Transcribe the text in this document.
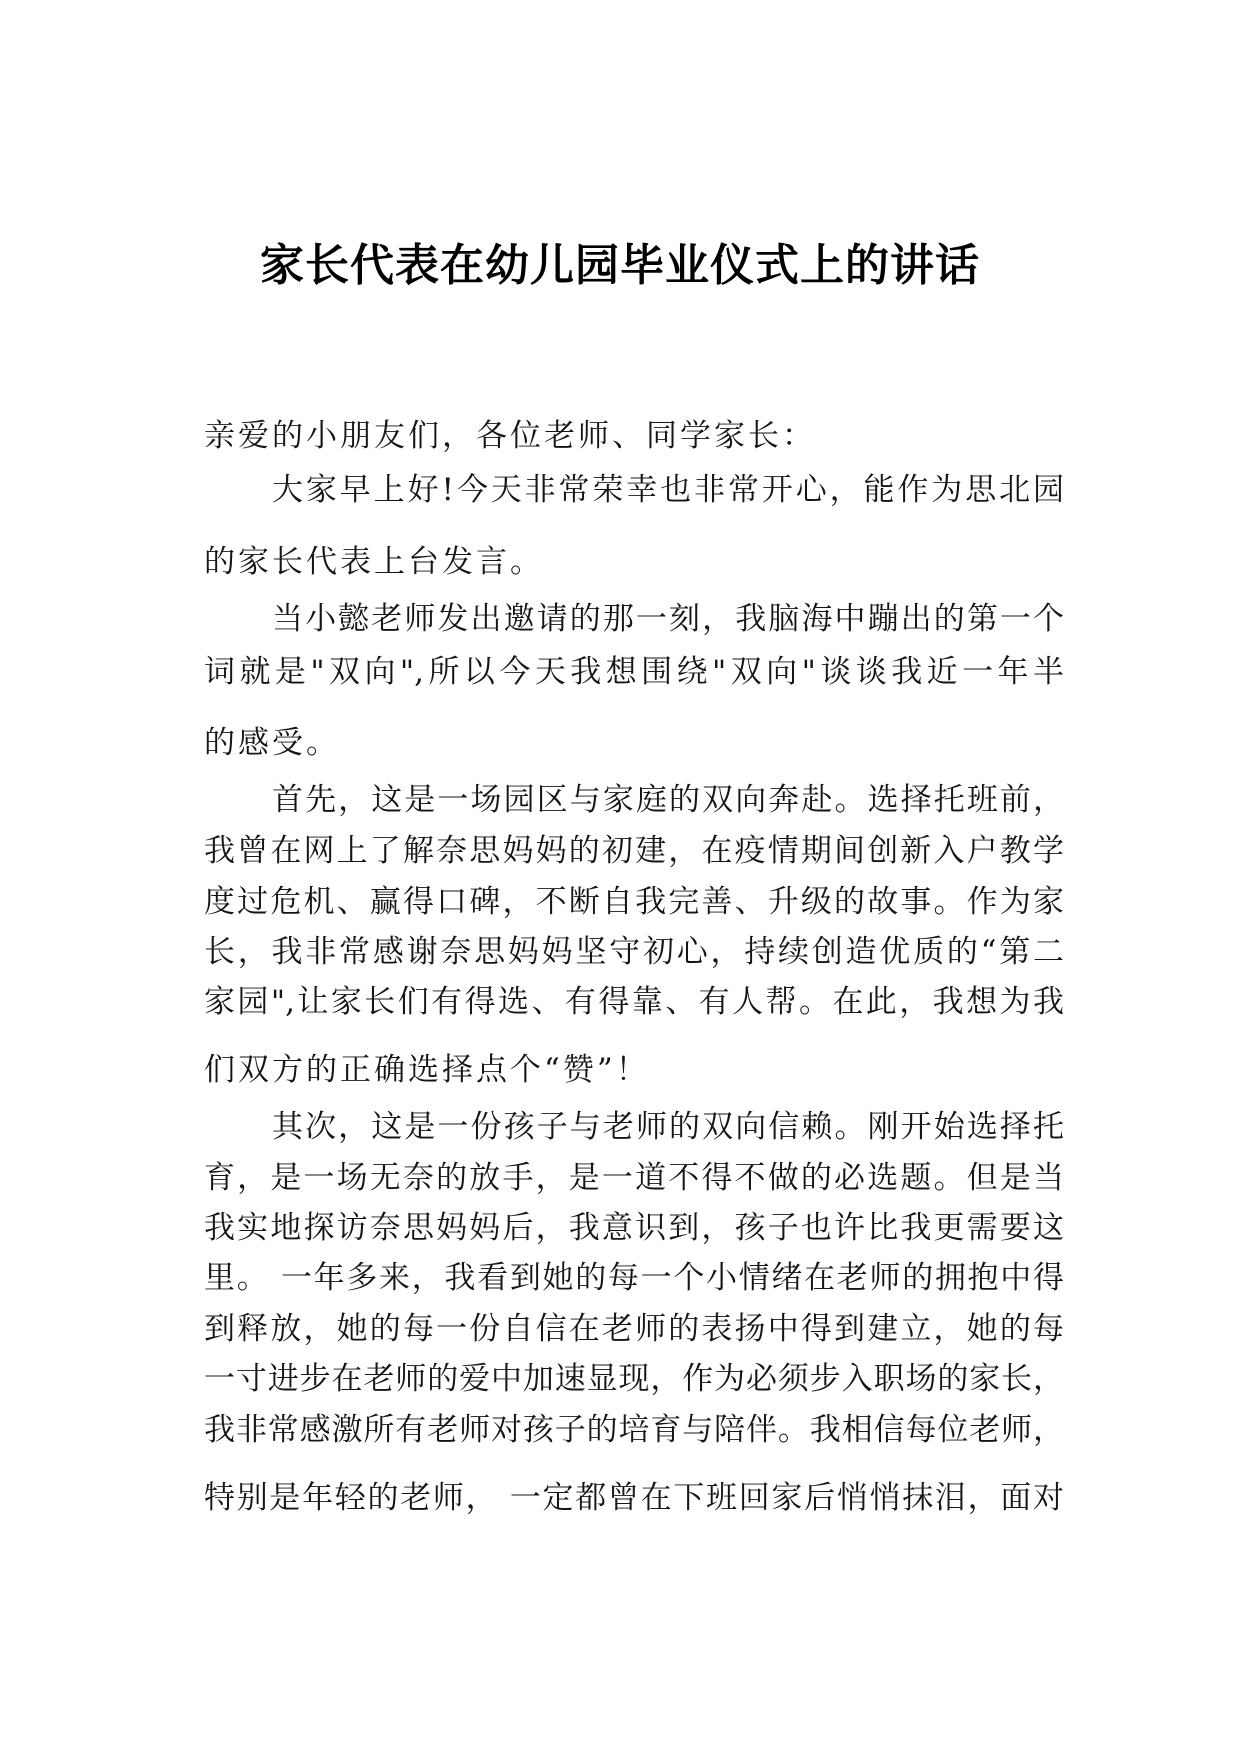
家长代表在幼儿园毕业仪式上的讲话
亲爱的小朋友们，各位老师、同学家长：
大家早上好!今天非常荣幸也非常开心，能作为思北园
的家长代表上台发言。
当小懿老师发出邀请的那一刻，我脑海中蹦出的第一个
词就是"双向",所以今天我想围绕"双向"谈谈我近一年半
的感受。
首先，这是一场园区与家庭的双向奔赴。选择托班前，
我曾在网上了解奈思妈妈的初建，在疫情期间创新入户教学
度过危机、赢得口碑，不断自我完善、升级的故事。作为家
长，我非常感谢奈思妈妈坚守初心，持续创造优质的“第二
家园",让家长们有得选、有得靠、有人帮。在此，我想为我
们双方的正确选择点个“赞”！
其次，这是一份孩子与老师的双向信赖。刚开始选择托
育，是一场无奈的放手，是一道不得不做的必选题。但是当
我实地探访奈思妈妈后，我意识到，孩子也许比我更需要这
里。 一年多来，我看到她的每一个小情绪在老师的拥抱中得
到释放，她的每一份自信在老师的表扬中得到建立，她的每
一寸进步在老师的爱中加速显现，作为必须步入职场的家长，
我非常感激所有老师对孩子的培育与陪伴。我相信每位老师，
特别是年轻的老师， 一定都曾在下班回家后悄悄抹泪，面对
